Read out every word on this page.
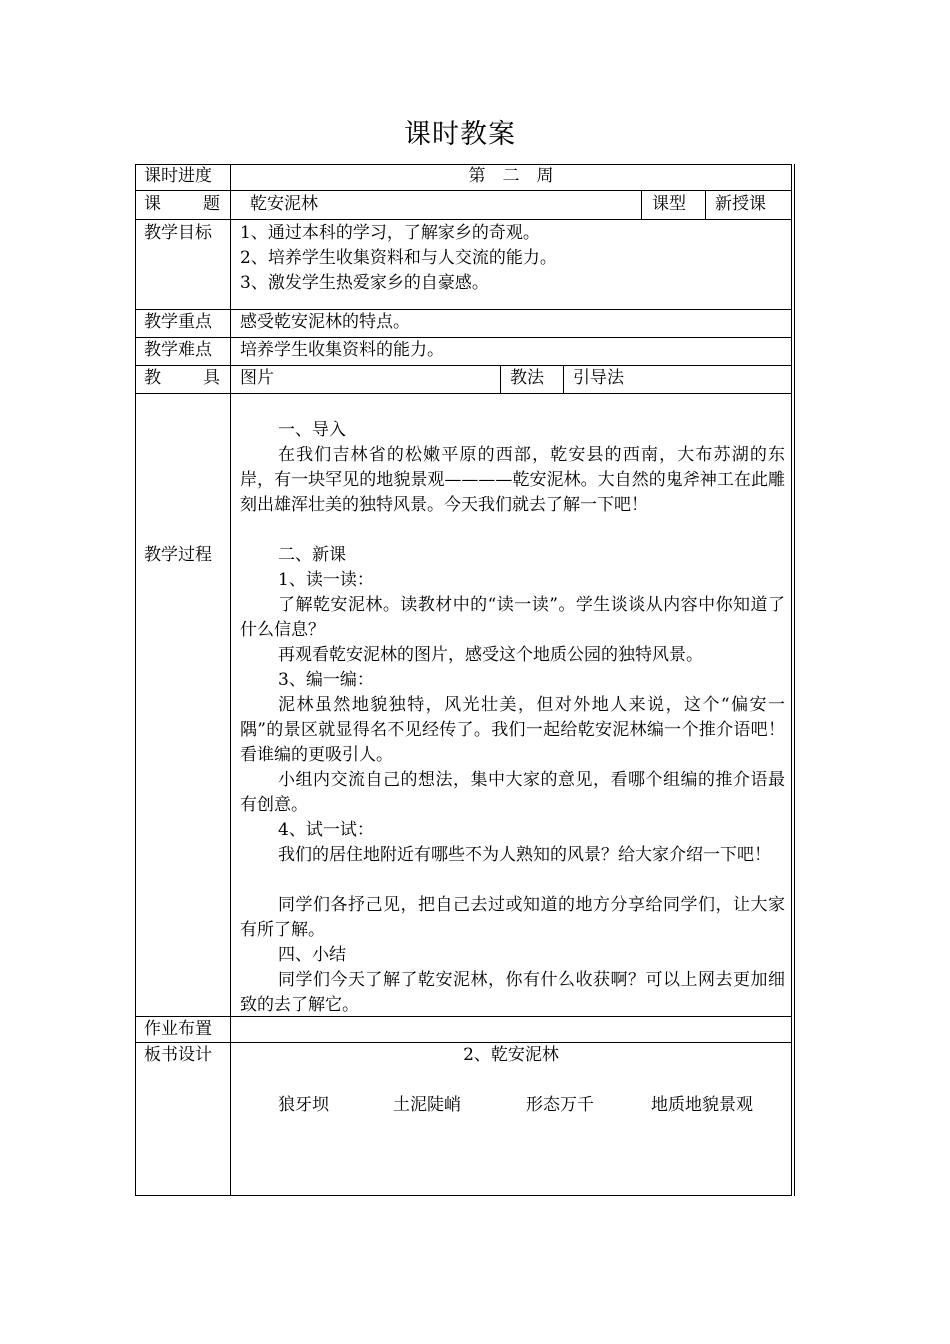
课时教案
课时进度	第　二　周
课 题 乾安泥林	课型 新授课
教学目标 1、通过本科的学习，了解家乡的奇观。
2、培养学生收集资料和与人交流的能力。
3、激发学生热爱家乡的自豪感。
教学重点 感受乾安泥林的特点。
教学难点 培养学生收集资料的能力。
教 具 图片	教法 引导法
教学过程
一、导入
在我们吉林省的松嫩平原的西部，乾安县的西南，大布苏湖的东岸，有一块罕见的地貌景观————乾安泥林。大自然的鬼斧神工在此雕刻出雄浑壮美的独特风景。今天我们就去了解一下吧！
二、新课
1、读一读：
了解乾安泥林。读教材中的“读一读”。学生谈谈从内容中你知道了什么信息？
再观看乾安泥林的图片，感受这个地质公园的独特风景。
3、编一编：
泥林虽然地貌独特，风光壮美，但对外地人来说，这个“偏安一隅”的景区就显得名不见经传了。我们一起给乾安泥林编一个推介语吧！看谁编的更吸引人。
小组内交流自己的想法，集中大家的意见，看哪个组编的推介语最有创意。
4、试一试：
我们的居住地附近有哪些不为人熟知的风景？给大家介绍一下吧！
同学们各抒己见，把自己去过或知道的地方分享给同学们，让大家有所了解。
四、小结
同学们今天了解了乾安泥林，你有什么收获啊？可以上网去更加细致的去了解它。
作业布置
板书设计	2、乾安泥林
狼牙坝	土泥陡峭	形态万千	地质地貌景观
